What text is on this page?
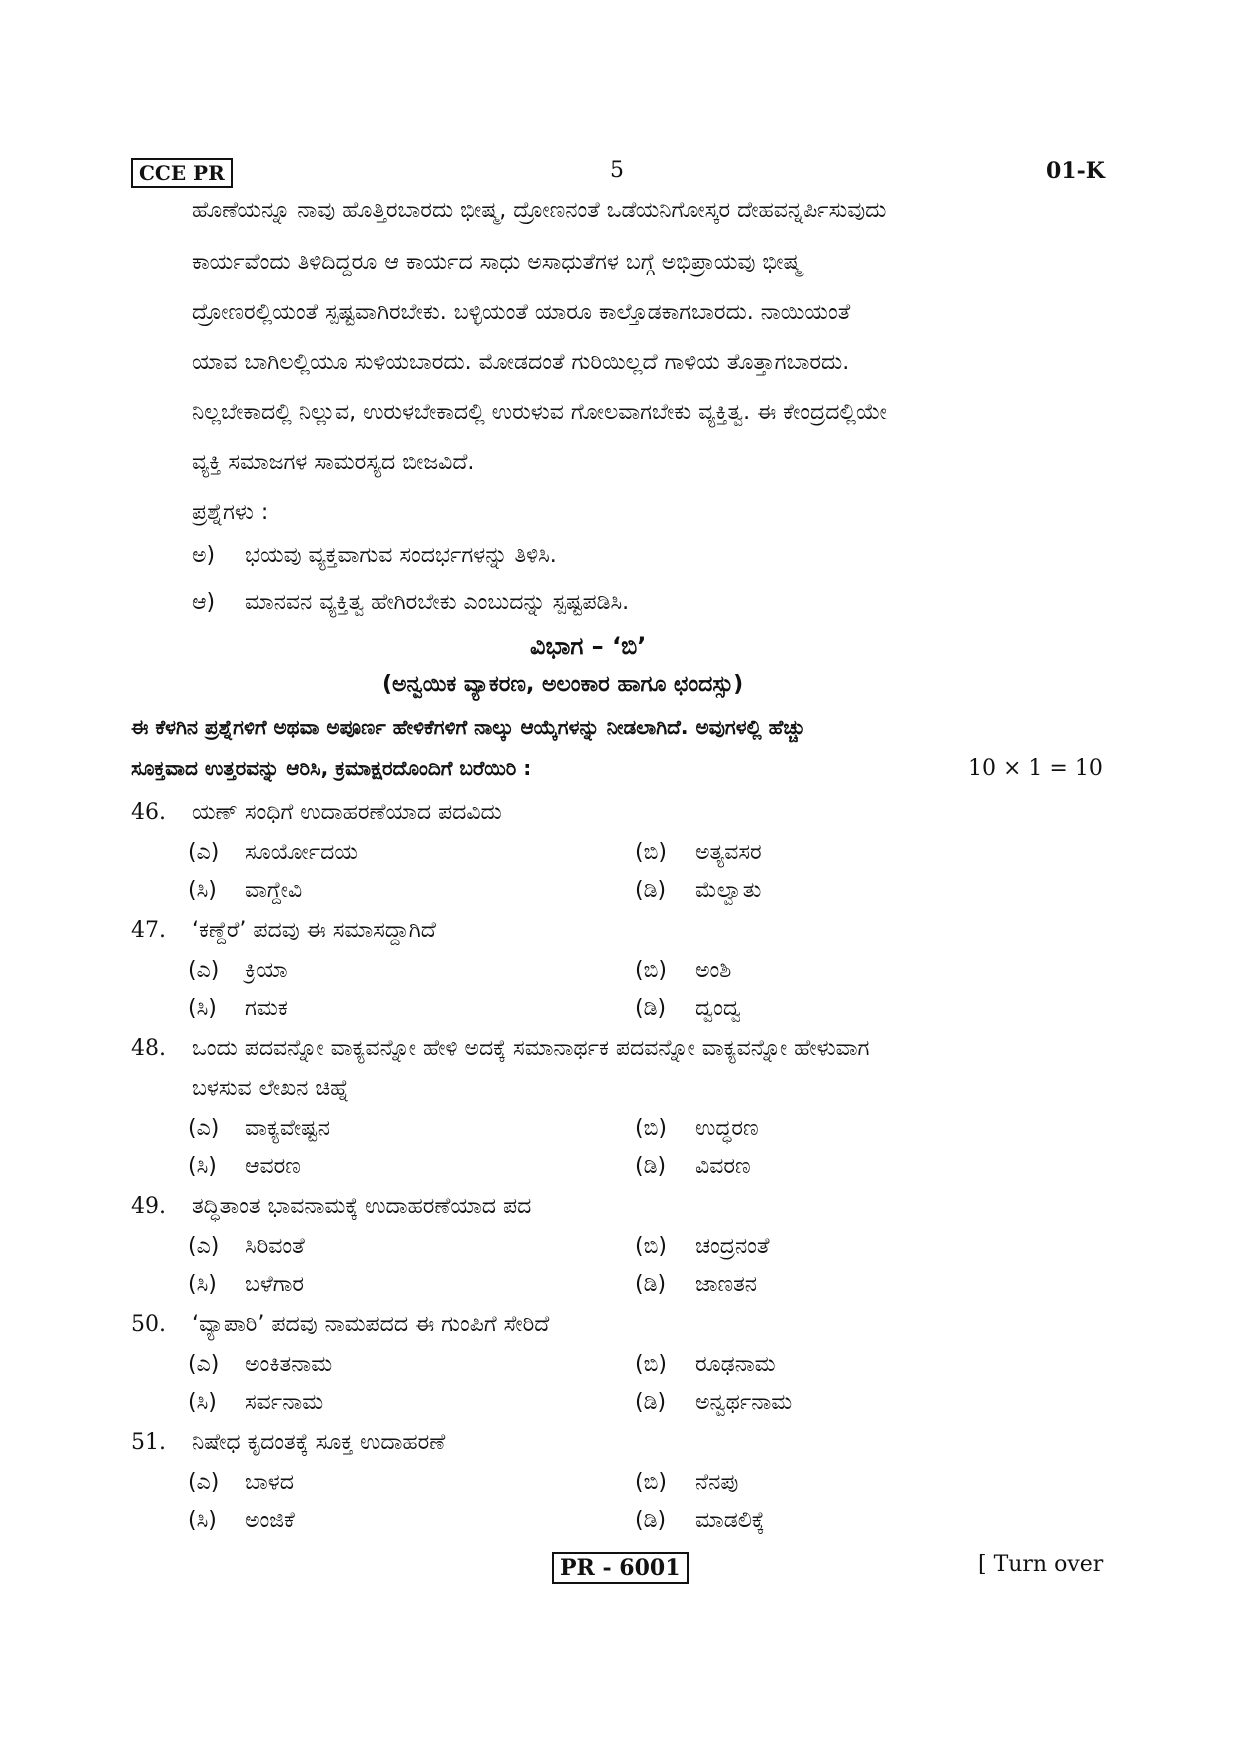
CCE PR	5	01-K
ಹೊಣೆಯನ್ನೂ ನಾವು ಹೊತ್ತಿರಬಾರದು ಭೀಷ್ಮ, ದ್ರೋಣನಂತೆ ಒಡೆಯನಿಗೋಸ್ಕರ ದೇಹವನ್ನರ್ಪಿಸುವುದು
ಕಾರ್ಯವೆಂದು ತಿಳಿದಿದ್ದರೂ ಆ ಕಾರ್ಯದ ಸಾಧು ಅಸಾಧುತೆಗಳ ಬಗ್ಗೆ ಅಭಿಪ್ರಾಯವು ಭೀಷ್ಮ
ದ್ರೋಣರಲ್ಲಿಯಂತೆ ಸ್ಪಷ್ಟವಾಗಿರಬೇಕು. ಬಳ್ಳಿಯಂತೆ ಯಾರೂ ಕಾಲ್ತೊಡಕಾಗಬಾರದು. ನಾಯಿಯಂತೆ
ಯಾವ ಬಾಗಿಲಲ್ಲಿಯೂ ಸುಳಿಯಬಾರದು. ಮೋಡದಂತೆ ಗುರಿಯಿಲ್ಲದೆ ಗಾಳಿಯ ತೊತ್ತಾಗಬಾರದು.
ನಿಲ್ಲಬೇಕಾದಲ್ಲಿ ನಿಲ್ಲುವ, ಉರುಳಬೇಕಾದಲ್ಲಿ ಉರುಳುವ ಗೋಲವಾಗಬೇಕು ವ್ಯಕ್ತಿತ್ವ. ಈ ಕೇಂದ್ರದಲ್ಲಿಯೇ
ವ್ಯಕ್ತಿ ಸಮಾಜಗಳ ಸಾಮರಸ್ಯದ ಬೀಜವಿದೆ.
ಪ್ರಶ್ನೆಗಳು :
ಅ) ಭಯವು ವ್ಯಕ್ತವಾಗುವ ಸಂದರ್ಭಗಳನ್ನು ತಿಳಿಸಿ.
ಆ) ಮಾನವನ ವ್ಯಕ್ತಿತ್ವ ಹೇಗಿರಬೇಕು ಎಂಬುದನ್ನು ಸ್ಪಷ್ಟಪಡಿಸಿ.
ವಿಭಾಗ – ‘ಬಿ’
(ಅನ್ವಯಿಕ ವ್ಯಾಕರಣ, ಅಲಂಕಾರ ಹಾಗೂ ಛಂದಸ್ಸು)
ಈ ಕೆಳಗಿನ ಪ್ರಶ್ನೆಗಳಿಗೆ ಅಥವಾ ಅಪೂರ್ಣ ಹೇಳಿಕೆಗಳಿಗೆ ನಾಲ್ಕು ಆಯ್ಕೆಗಳನ್ನು ನೀಡಲಾಗಿದೆ. ಅವುಗಳಲ್ಲಿ ಹೆಚ್ಚು
ಸೂಕ್ತವಾದ ಉತ್ತರವನ್ನು ಆರಿಸಿ, ಕ್ರಮಾಕ್ಷರದೊಂದಿಗೆ ಬರೆಯಿರಿ :	10 × 1 = 10
46. ಯಣ್ ಸಂಧಿಗೆ ಉದಾಹರಣೆಯಾದ ಪದವಿದು
(ಎ) ಸೂರ್ಯೋದಯ	(ಬಿ) ಅತ್ಯವಸರ
(ಸಿ) ವಾಗ್ದೇವಿ	(ಡಿ) ಮೆಲ್ವಾತು
47. ‘ಕಣ್ದೆರೆ’ ಪದವು ಈ ಸಮಾಸದ್ದಾಗಿದೆ
(ಎ) ಕ್ರಿಯಾ	(ಬಿ) ಅಂಶಿ
(ಸಿ) ಗಮಕ	(ಡಿ) ದ್ವಂದ್ವ
48. ಒಂದು ಪದವನ್ನೋ ವಾಕ್ಯವನ್ನೋ ಹೇಳಿ ಅದಕ್ಕೆ ಸಮಾನಾರ್ಥಕ ಪದವನ್ನೋ ವಾಕ್ಯವನ್ನೋ ಹೇಳುವಾಗ
ಬಳಸುವ ಲೇಖನ ಚಿಹ್ನೆ
(ಎ) ವಾಕ್ಯವೇಷ್ಟನ	(ಬಿ) ಉದ್ಧರಣ
(ಸಿ) ಆವರಣ	(ಡಿ) ವಿವರಣ
49. ತದ್ಧಿತಾಂತ ಭಾವನಾಮಕ್ಕೆ ಉದಾಹರಣೆಯಾದ ಪದ
(ಎ) ಸಿರಿವಂತೆ	(ಬಿ) ಚಂದ್ರನಂತೆ
(ಸಿ) ಬಳೆಗಾರ	(ಡಿ) ಜಾಣತನ
50. ‘ವ್ಯಾಪಾರಿ’ ಪದವು ನಾಮಪದದ ಈ ಗುಂಪಿಗೆ ಸೇರಿದೆ
(ಎ) ಅಂಕಿತನಾಮ	(ಬಿ) ರೂಢನಾಮ
(ಸಿ) ಸರ್ವನಾಮ	(ಡಿ) ಅನ್ವರ್ಥನಾಮ
51. ನಿಷೇಧ ಕೃದಂತಕ್ಕೆ ಸೂಕ್ತ ಉದಾಹರಣೆ
(ಎ) ಬಾಳದ	(ಬಿ) ನೆನಪು
(ಸಿ) ಅಂಜಿಕೆ	(ಡಿ) ಮಾಡಲಿಕ್ಕೆ
PR - 6001	[ Turn over
